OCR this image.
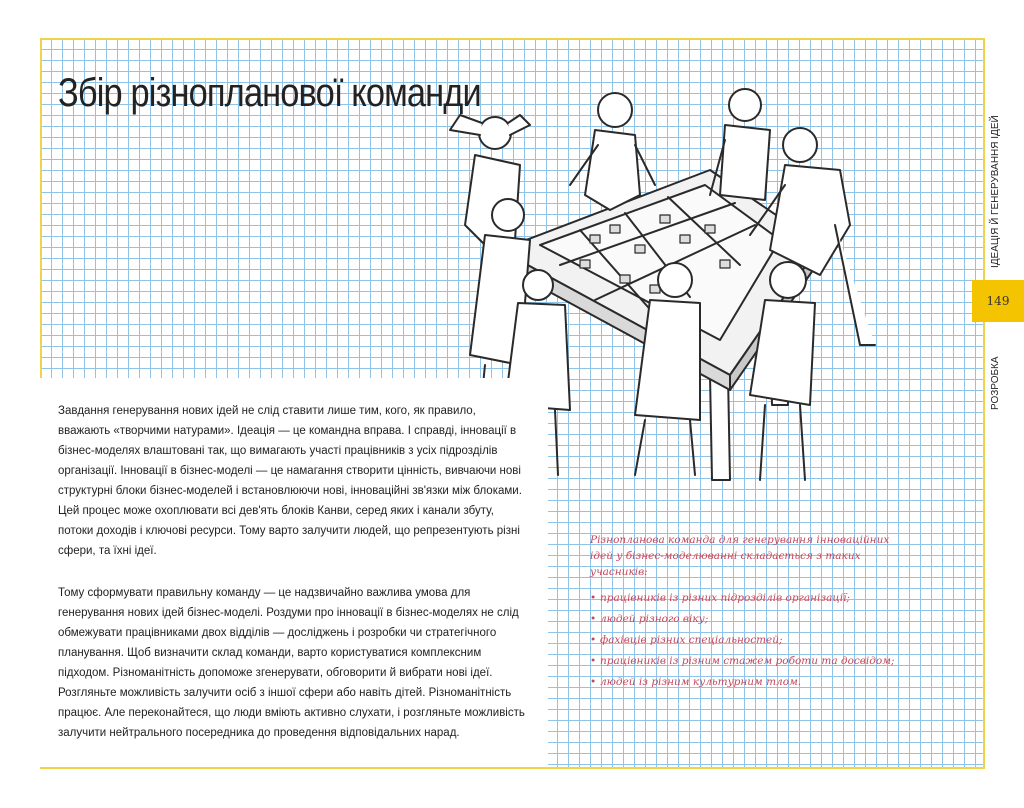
Збір різнопланової команди

Завдання генерування нових ідей не слід ставити лише тим, кого, як правило, вважають «творчими натурами». Ідеація — це командна вправа. І справді, інновації в бізнес-моделях влаштовані так, що вимагають участі працівників з усіх підрозділів організації. Інновації в бізнес-моделі — це намагання створити цінність, вивчаючи нові структурні блоки бізнес-моделей і встановлюючи нові, інноваційні зв'язки між блоками. Цей процес може охоплювати всі дев'ять блоків Канви, серед яких і канали збуту, потоки доходів і ключові ресурси. Тому варто залучити людей, що репрезентують різні сфери, та їхні ідеї.

Тому сформувати правильну команду — це надзвичайно важлива умова для генерування нових ідей бізнес-моделі. Роздуми про інновації в бізнес-моделях не слід обмежувати працівниками двох відділів — досліджень і розробки чи стратегічного планування. Щоб визначити склад команди, варто користуватися комплексним підходом. Різноманітність допоможе згенерувати, обговорити й вибрати нові ідеї. Розгляньте можливість залучити осіб з іншої сфери або навіть дітей. Різноманітність працює. Але переконайтеся, що люди вміють активно слухати, і розгляньте можливість залучити нейтрального посередника до проведення відповідальних нарад.

Різнопланова команда для генерування інноваційних ідей у бізнес-моделюванні складається з таких учасників:

• працівників із різних підрозділів організації;
• людей різного віку;
• фахівців різних спеціальностей;
• працівників із різним стажем роботи та досвідом;
• людей із різним культурним тлом.
ІДЕАЦІЯ Й ГЕНЕРУВАННЯ ІДЕЙ
149
РОЗРОБКА
